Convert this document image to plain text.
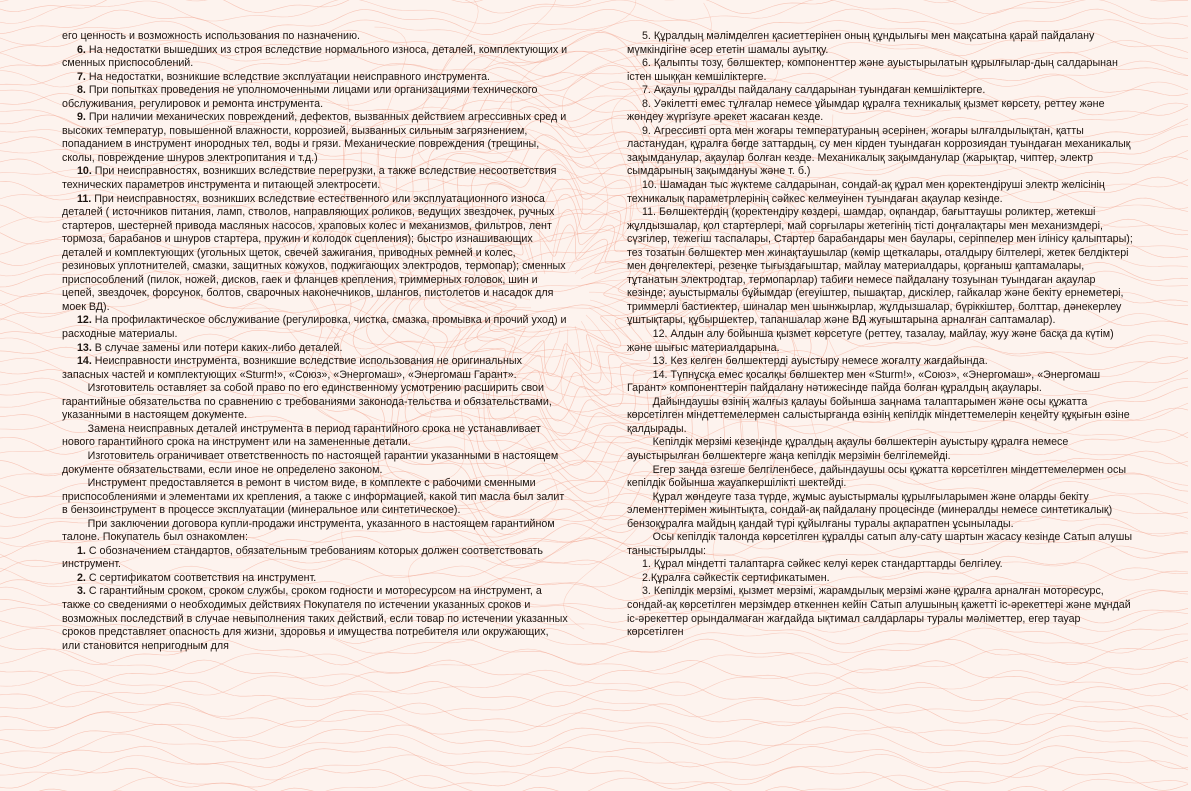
его ценность и возможность использования по назначению.

6. На недостатки вышедших из строя вследствие нормального износа, деталей, комплектующих и сменных приспособлений.

7. На недостатки, возникшие вследствие эксплуатации неисправного инструмента.

8. При попытках проведения не уполномоченными лицами или организациями технического обслуживания, регулировок и ремонта инструмента.

9. При наличии механических повреждений, дефектов, вызванных действием агрессивных сред и высоких температур, повышенной влажности, коррозией, вызванных сильным загрязнением, попаданием в инструмент инородных тел, воды и грязи. Механические повреждения (трещины, сколы, повреждение шнуров электропитания и т.д.)

10. При неисправностях, возникших вследствие перегрузки, а также вследствие несоответствия технических параметров инструмента и питающей электросети.

11. При неисправностях, возникших вследствие естественного или эксплуатационного износа деталей ( источников питания, ламп, стволов, направляющих роликов, ведущих звездочек, ручных стартеров, шестерней привода масляных насосов, храповых колес и механизмов, фильтров, лент тормоза, барабанов и шнуров стартера, пружин и колодок сцепления); быстро изнашивающих деталей и комплектующих (угольных щеток, свечей зажигания, приводных ремней и колес, резиновых уплотнителей, смазки, защитных кожухов, поджигающих электродов, термопар); сменных приспособлений (пилок, ножей, дисков, гаек и фланцев крепления, триммерных головок, шин и цепей, звездочек, форсунок, болтов, сварочных наконечников, шлангов, пистолетов и насадок для моек ВД).

12. На профилактическое обслуживание (регулировка, чистка, смазка, промывка и прочий уход) и расходные материалы.

13. В случае замены или потери каких-либо деталей.

14. Неисправности инструмента, возникшие вследствие использования не оригинальных запасных частей и комплектующих «Sturm!», «Союз», «Энергомаш», «Энергомаш Гарант».

Изготовитель оставляет за собой право по его единственному усмотрению расширить свои гарантийные обязательства по сравнению с требованиями законода-тельства и обязательствами, указанными в настоящем документе.

Замена неисправных деталей инструмента в период гарантийного срока не устанавливает нового гарантийного срока на инструмент или на замененные детали.

Изготовитель ограничивает ответственность по настоящей гарантии указанными в настоящем документе обязательствами, если иное не определено законом.

Инструмент предоставляется в ремонт в чистом виде, в комплекте с рабочими сменными приспособлениями и элементами их крепления, а также с информацией, какой тип масла был залит в бензоинструмент в процессе эксплуатации (минеральное или синтетическое).

При заключении договора купли-продажи инструмента, указанного в настоящем гарантийном талоне. Покупатель был ознакомлен:

1. С обозначением стандартов, обязательным требованиям которых должен соответствовать инструмент.

2. С сертификатом соответствия на инструмент.

3. С гарантийным сроком, сроком службы, сроком годности и моторесурсом на инструмент, а также со сведениями о необходимых действиях Покупателя по истечении указанных сроков и возможных последствий в случае невыполнения таких действий, если товар по истечении указанных сроков представляет опасность для жизни, здоровья и имущества потребителя или окружающих, или становится непригодным для

5. Құралдың мәлімделген қасиеттерінен оның құндылығы мен мақсатына қарай пайдалану мүмкіндігіне әсер ететін шамалы ауытқу.

6. Қалыпты тозу, бөлшектер, компоненттер және ауыстырылатын құрылғылар-дың салдарынан істен шыққан кемшіліктерге.

7. Ақаулы құралды пайдалану салдарынан туындаған кемшіліктерге.

8. Уәкілетті емес тұлғалар немесе ұйымдар құралға техникалық қызмет көрсету, реттеу және жөндеу жүргізуге әрекет жасаған кезде.

9. Агрессивті орта мен жоғары температураның әсерінен, жоғары ылғалдылықтан, қатты ластанудан, құралға бөгде заттардың, су мен кірден туындаған коррозиядан туындаған механикалық зақымданулар, ақаулар болған кезде. Механикалық зақымданулар (жарықтар, чиптер, электр сымдарының зақымдануы және т. б.)

10. Шамадан тыс жүктеме салдарынан, сондай-ақ құрал мен қоректендіруші электр желісінің техникалық параметрлерінің сәйкес келмеуінен туындаған ақаулар кезінде.

11. Бөлшектердің (қоректендіру көздері, шамдар, оқпандар, бағыттаушы роликтер, жетекші жұлдызшалар, қол стартерлері, май сорғылары жетегінің тісті доңғалақтары мен механизмдері, сүзгілер, тежегіш таспалары, Стартер барабандары мен баулары, серіппелер мен ілінісу қалыптары); тез тозатын бөлшектер мен жинақтаушылар (көмір щеткалары, оталдыру білтелері, жетек белдіктері мен дөңгелектері, резеңке тығыздағыштар, майлау материалдары, қорғаныш қаптамалары, тұтанатын электродтар, термопарлар) табиғи немесе пайдалану тозуынан туындаған ақаулар кезінде; ауыстырмалы бұйымдар (егеуіштер, пышақтар, дискілер, гайкалар және бекіту ернеметері, триммерлі бастиектер, шиналар мен шынжырлар, жұлдызшалар, бүріккіштер, болттар, дәнекерлеу ұштықтары, құбыршектер, тапаншалар және ВД жуғыштарына арналған саптамалар).

12. Алдын алу бойынша қызмет көрсетуге (реттеу, тазалау, майлау, жуу және басқа да күтім) және шығыс материалдарына.

13. Кез келген бөлшектерді ауыстыру немесе жоғалту жағдайында.

14. Түпнұсқа емес қосалқы бөлшектер мен «Sturm!», «Союз», «Энергомаш», «Энергомаш Гарант» компоненттерін пайдалану нәтижесінде пайда болған құралдың ақаулары.

Дайындаушы өзінің жалғыз қалауы бойынша заңнама талаптарымен және осы құжатта көрсетілген міндеттемелермен салыстырғанда өзінің кепілдік міндеттемелерін кеңейту құқығын өзіне қалдырады.

Кепілдік мерзімі кезеңінде құралдың ақаулы бөлшектерін ауыстыру құралға немесе ауыстырылған бөлшектерге жаңа кепілдік мерзімін белгілемейді.

Егер заңда өзгеше белгіленбесе, дайындаушы осы құжатта көрсетілген міндеттемелермен осы кепілдік бойынша жауапкершілікті шектейді.

Құрал жөндеуге таза түрде, жұмыс ауыстырмалы құрылғыларымен және оларды бекіту элементтерімен жиынтықта, сондай-ақ пайдалану процесінде (минералды немесе синтетикалық) бензоқұралға майдың қандай түрі құйылғаны туралы ақпаратпен ұсынылады.

Осы кепілдік талонда көрсетілген құралды сатып алу-сату шартын жасасу кезінде Сатып алушы таныстырылды:

1. Құрал міндетті талаптарға сәйкес келуі керек стандарттарды белгілеу.

2.Құралға сәйкестік сертификатымен.

3. Кепілдік мерзімі, қызмет мерзімі, жарамдылық мерзімі және құралға арналған моторесурс, сондай-ақ көрсетілген мерзімдер өткеннен кейін Сатып алушының қажетті іс-әрекеттері және мұндай іс-әрекеттер орындалмаған жағдайда ықтимал салдарлары туралы мәліметтер, егер тауар көрсетілген
